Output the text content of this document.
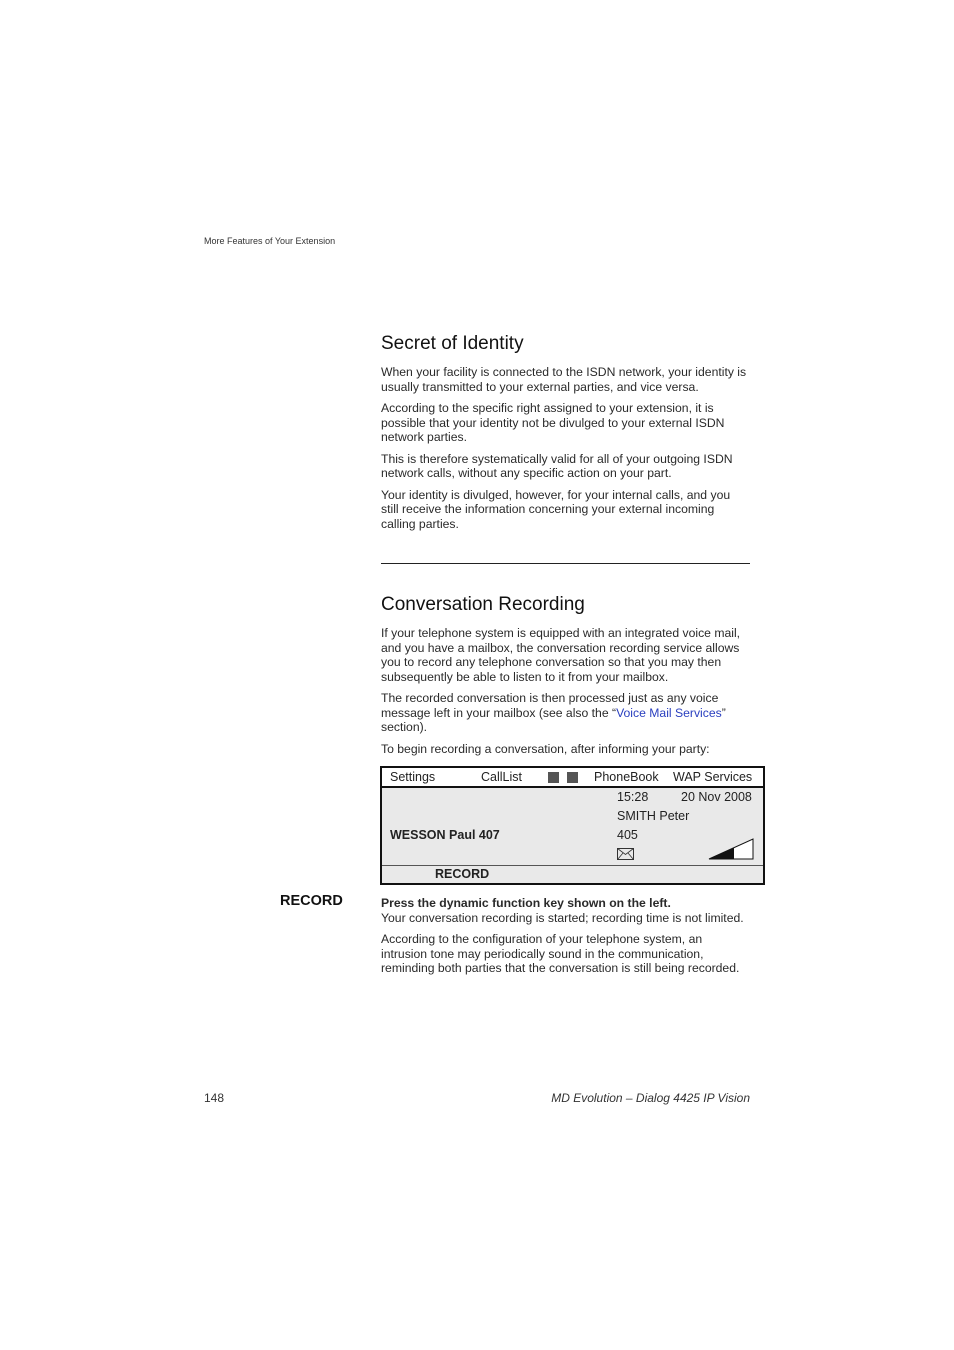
More Features of Your Extension
Secret of Identity

When your facility is connected to the ISDN network, your identity is usually transmitted to your external parties, and vice versa.

According to the specific right assigned to your extension, it is possible that your identity not be divulged to your external ISDN network parties.

This is therefore systematically valid for all of your outgoing ISDN network calls, without any specific action on your part.

Your identity is divulged, however, for your internal calls, and you still receive the information concerning your external incoming calling parties.

Conversation Recording

If your telephone system is equipped with an integrated voice mail, and you have a mailbox, the conversation recording service allows you to record any telephone conversation so that you may then subsequently be able to listen to it from your mailbox.

The recorded conversation is then processed just as any voice message left in your mailbox (see also the “Voice Mail Services” section).

To begin recording a conversation, after informing your party:

Settings	CallList	PhoneBook WAP Services
15:28	20 Nov 2008
SMITH Peter
WESSON Paul 407	405
RECORD
RECORD	Press the dynamic function key shown on the left.

Your conversation recording is started; recording time is not limited.

According to the configuration of your telephone system, an intrusion tone may periodically sound in the communication, reminding both parties that the conversation is still being recorded.

148	MD Evolution – Dialog 4425 IP Vision
